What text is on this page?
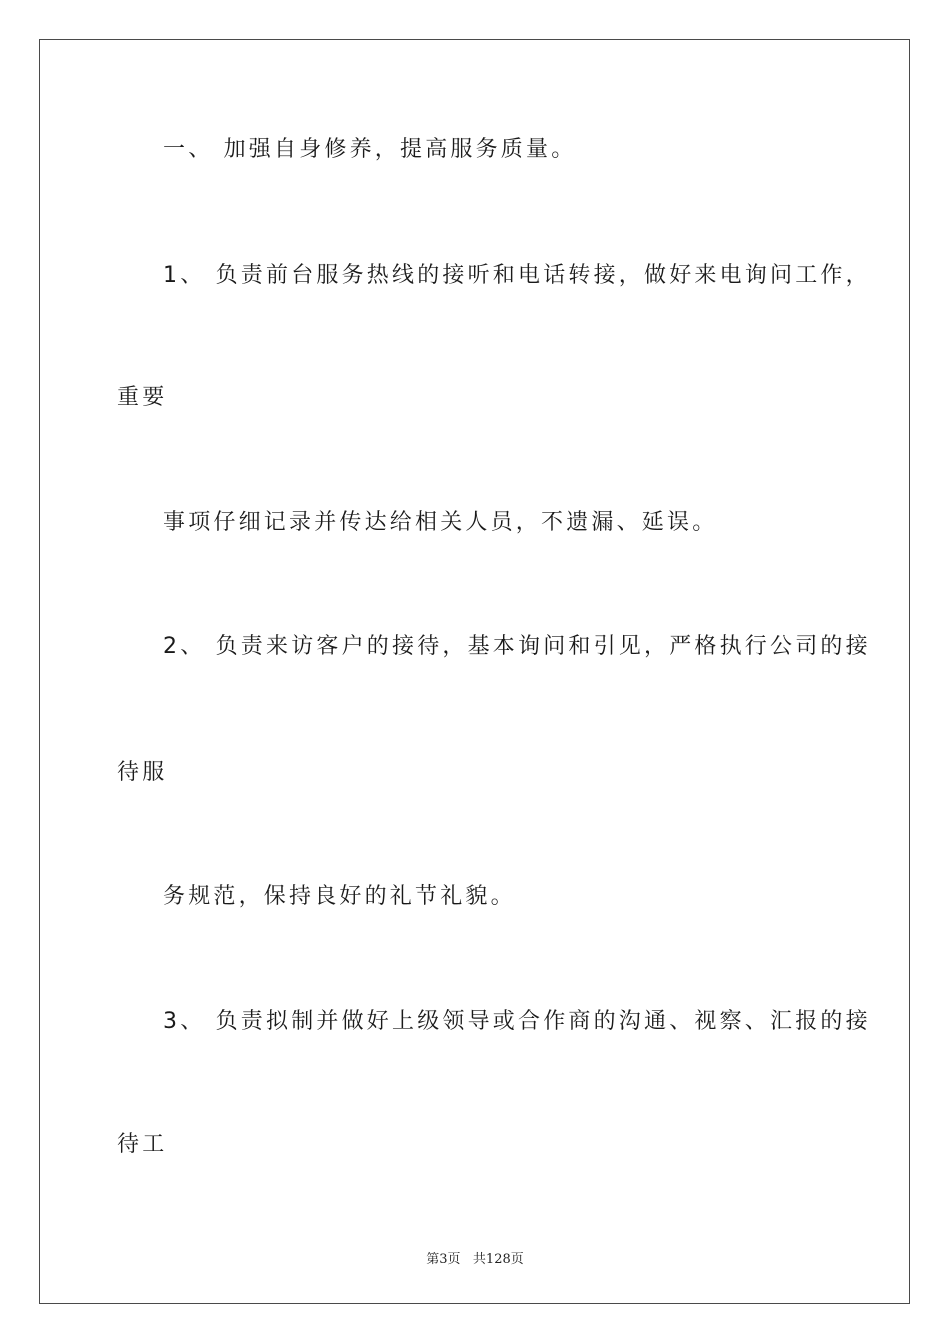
一、 加强自身修养，提高服务质量。
1、 负责前台服务热线的接听和电话转接，做好来电询问工作，
重要
事项仔细记录并传达给相关人员，不遗漏、延误。
2、 负责来访客户的接待，基本询问和引见，严格执行公司的接
待服
务规范，保持良好的礼节礼貌。
3、 负责拟制并做好上级领导或合作商的沟通、视察、汇报的接
待工
第3页   共128页
